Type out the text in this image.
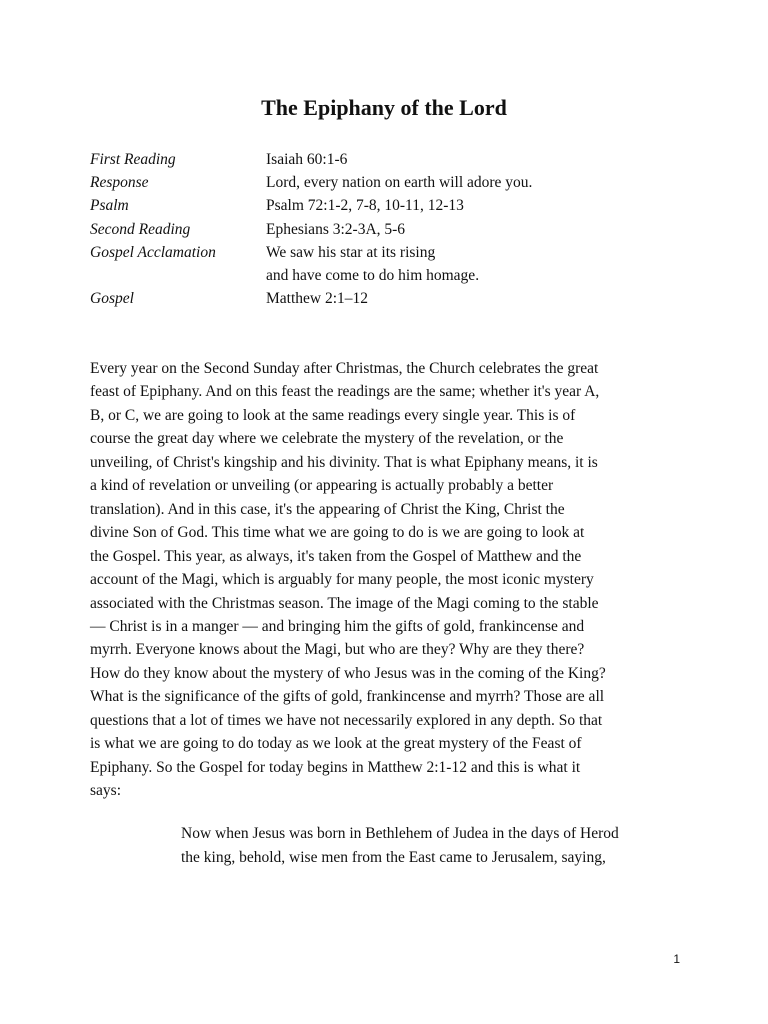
The Epiphany of the Lord
First Reading	Isaiah 60:1-6
Response	Lord, every nation on earth will adore you.
Psalm	Psalm 72:1-2, 7-8, 10-11, 12-13
Second Reading	Ephesians 3:2-3A, 5-6
Gospel Acclamation	We saw his star at its rising
and have come to do him homage.
Gospel	Matthew 2:1–12
Every year on the Second Sunday after Christmas, the Church celebrates the great
feast of Epiphany. And on this feast the readings are the same; whether it's year A,
B, or C, we are going to look at the same readings every single year. This is of
course the great day where we celebrate the mystery of the revelation, or the
unveiling, of Christ's kingship and his divinity. That is what Epiphany means, it is
a kind of revelation or unveiling (or appearing is actually probably a better
translation). And in this case, it's the appearing of Christ the King, Christ the
divine Son of God. This time what we are going to do is we are going to look at
the Gospel. This year, as always, it's taken from the Gospel of Matthew and the
account of the Magi, which is arguably for many people, the most iconic mystery
associated with the Christmas season. The image of the Magi coming to the stable
— Christ is in a manger — and bringing him the gifts of gold, frankincense and
myrrh. Everyone knows about the Magi, but who are they? Why are they there?
How do they know about the mystery of who Jesus was in the coming of the King?
What is the significance of the gifts of gold, frankincense and myrrh? Those are all
questions that a lot of times we have not necessarily explored in any depth. So that
is what we are going to do today as we look at the great mystery of the Feast of
Epiphany. So the Gospel for today begins in Matthew 2:1-12 and this is what it
says:
Now when Jesus was born in Bethlehem of Judea in the days of Herod
the king, behold, wise men from the East came to Jerusalem, saying,
1
